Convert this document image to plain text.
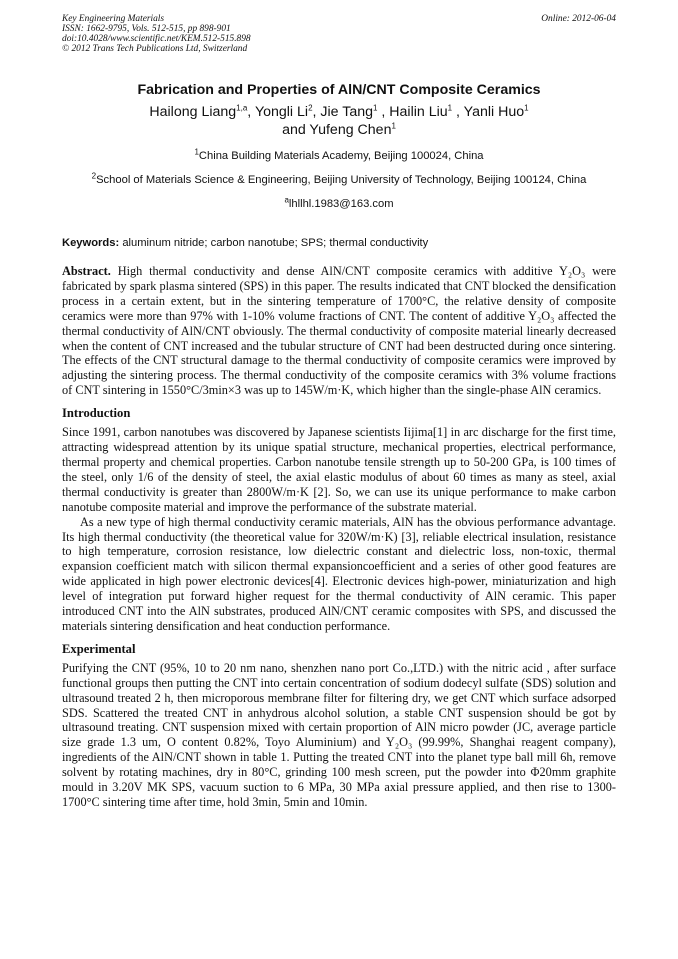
Key Engineering Materials
ISSN: 1662-9795, Vols. 512-515, pp 898-901
doi:10.4028/www.scientific.net/KEM.512-515.898
© 2012 Trans Tech Publications Ltd, Switzerland
Online: 2012-06-04
Fabrication and Properties of AlN/CNT Composite Ceramics
Hailong Liang$^{1,a}$, Yongli Li$^2$, Jie Tang$^1$ , Hailin Liu$^1$ , Yanli Huo$^1$
and Yufeng Chen$^1$
$^1$China Building Materials Academy, Beijing 100024, China
$^2$School of Materials Science & Engineering, Beijing University of Technology, Beijing 100124, China
$^a$lhllhl.1983@163.com
Keywords: aluminum nitride; carbon nanotube; SPS; thermal conductivity

Abstract. High thermal conductivity and dense AlN/CNT composite ceramics with additive Y₂O₃ were fabricated by spark plasma sintered (SPS) in this paper. The results indicated that CNT blocked the densification process in a certain extent, but in the sintering temperature of 1700°C, the relative density of composite ceramics were more than 97% with 1-10% volume fractions of CNT. The content of additive Y₂O₃ affected the thermal conductivity of AlN/CNT obviously. The thermal conductivity of composite material linearly decreased when the content of CNT increased and the tubular structure of CNT had been destructed during once sintering. The effects of the CNT structural damage to the thermal conductivity of composite ceramics were improved by adjusting the sintering process. The thermal conductivity of the composite ceramics with 3% volume fractions of CNT sintering in 1550°C/3min×3 was up to 145W/m·K, which higher than the single-phase AlN ceramics.

Introduction

Since 1991, carbon nanotubes was discovered by Japanese scientists Iijima[1] in arc discharge for the first time, attracting widespread attention by its unique spatial structure, mechanical properties, electrical performance, thermal property and chemical properties. Carbon nanotube tensile strength up to 50-200 GPa, is 100 times of the steel, only 1/6 of the density of steel, the axial elastic modulus of about 60 times as many as steel, axial thermal conductivity is greater than 2800W/m·K [2]. So, we can use its unique performance to make carbon nanotube composite material and improve the performance of the substrate material.

As a new type of high thermal conductivity ceramic materials, AlN has the obvious performance advantage. Its high thermal conductivity (the theoretical value for 320W/m·K) [3], reliable electrical insulation, resistance to high temperature, corrosion resistance, low dielectric constant and dielectric loss, non-toxic, thermal expansion coefficient match with silicon thermal expansioncoefficient and a series of other good features are wide applicated in high power electronic devices[4]. Electronic devices high-power, miniaturization and high level of integration put forward higher request for the thermal conductivity of AlN ceramic. This paper introduced CNT into the AlN substrates, produced AlN/CNT ceramic composites with SPS, and discussed the materials sintering densification and heat conduction performance.

Experimental

Purifying the CNT (95%, 10 to 20 nm nano, shenzhen nano port Co.,LTD.) with the nitric acid , after surface functional groups then putting the CNT into certain concentration of sodium dodecyl sulfate (SDS) solution and ultrasound treated 2 h, then microporous membrane filter for filtering dry, we get CNT which surface adsorped SDS. Scattered the treated CNT in anhydrous alcohol solution, a stable CNT suspension should be got by ultrasound treating. CNT suspension mixed with certain proportion of AlN micro powder (JC, average particle size grade 1.3 um, O content 0.82%, Toyo Aluminium) and Y₂O₃ (99.99%, Shanghai reagent company), ingredients of the AlN/CNT shown in table 1. Putting the treated CNT into the planet type ball mill 6h, remove solvent by rotating machines, dry in 80°C, grinding 100 mesh screen, put the powder into Φ20mm graphite mould in 3.20V MK SPS, vacuum suction to 6 MPa, 30 MPa axial pressure applied, and then rise to 1300-1700°C sintering time after time, hold 3min, 5min and 10min.
